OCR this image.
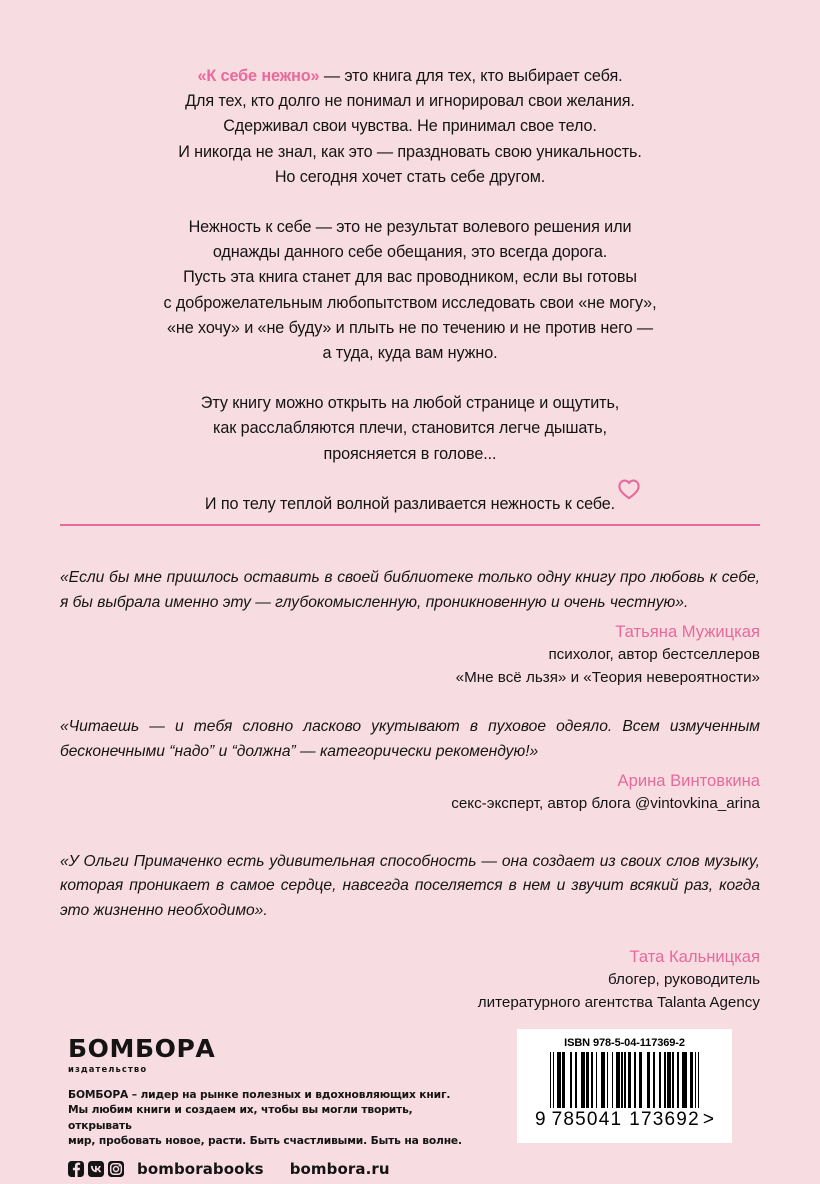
«К себе нежно» — это книга для тех, кто выбирает себя.
Для тех, кто долго не понимал и игнорировал свои желания.
Сдерживал свои чувства. Не принимал свое тело.
И никогда не знал, как это — праздновать свою уникальность.
Но сегодня хочет стать себе другом.

Нежность к себе — это не результат волевого решения или
однажды данного себе обещания, это всегда дорога.
Пусть эта книга станет для вас проводником, если вы готовы
с доброжелательным любопытством исследовать свои «не могу»,
«не хочу» и «не буду» и плыть не по течению и не против него —
а туда, куда вам нужно.

Эту книгу можно открыть на любой странице и ощутить,
как расслабляются плечи, становится легче дышать,
проясняется в голове...

И по телу теплой волной разливается нежность к себе.

«Если бы мне пришлось оставить в своей библиотеке только одну книгу про любовь к себе, я бы выбрала именно эту — глубокомысленную, проникновенную и очень честную».

Татьяна Мужицкая
психолог, автор бестселлеров
«Мне всё льзя» и «Теория невероятности»

«Читаешь — и тебя словно ласково укутывают в пуховое одеяло. Всем измученным бесконечными “надо” и “должна” — категорически рекомендую!»

Арина Винтовкина
секс-эксперт, автор блога @vintovkina_arina

«У Ольги Примаченко есть удивительная способность — она создает из своих слов музыку, которая проникает в самое сердце, навсегда поселяется в нем и звучит всякий раз, когда это жизненно необходимо».

Тата Кальницкая
блогер, руководитель
литературного агентства Talanta Agency
БОМБОРА
издательство
БОМБОРА – лидер на рынке полезных и вдохновляющих книг.
Мы любим книги и создаем их, чтобы вы могли творить, открывать
мир, пробовать новое, расти. Быть счастливыми. Быть на волне.
bomborabooks bombora.ru
ISBN 978-5-04-117369-2
9 785041 173692 >
